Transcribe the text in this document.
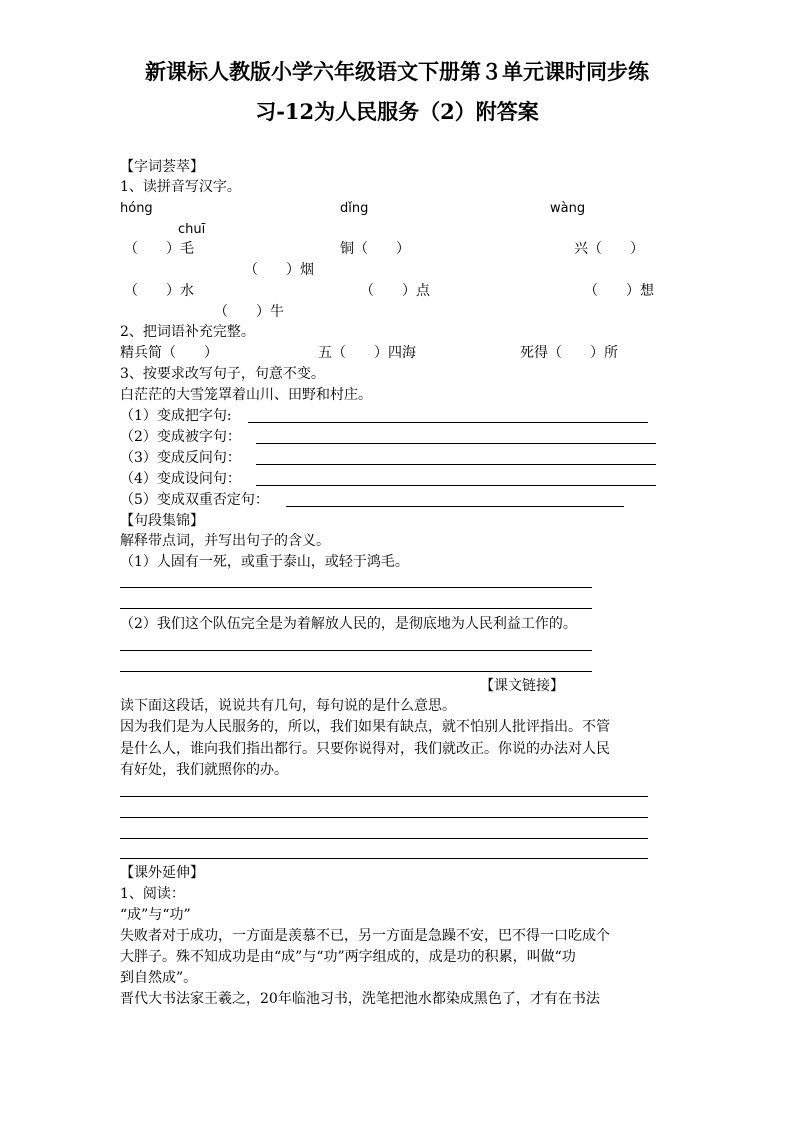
新课标人教版小学六年级语文下册第３单元课时同步练
习-12为人民服务（2）附答案
【字词荟萃】
1、读拼音写汉字。
hóng	dǐng	wàng
chuī
（　　）毛	铜（　　）	兴（　　）
（　　）烟
（　　）水	（　　）点	（　　）想
（　　）牛
2、把词语补充完整。
精兵简（　　）	五（　　）四海	死得（　　）所
3、按要求改写句子，句意不变。
白茫茫的大雪笼罩着山川、田野和村庄。
（1）变成把字句:
（2）变成被字句：
（3）变成反问句：
（4）变成设问句：
（5）变成双重否定句：
【句段集锦】
解释带点词，并写出句子的含义。
（1）人固有一死，或重于泰山，或轻于鸿毛。
（2）我们这个队伍完全是为着解放人民的，是彻底地为人民利益工作的。
【课文链接】
读下面这段话，说说共有几句，每句说的是什么意思。
因为我们是为人民服务的，所以，我们如果有缺点，就不怕别人批评指出。不管
是什么人，谁向我们指出都行。只要你说得对，我们就改正。你说的办法对人民
有好处，我们就照你的办。
【课外延伸】
1、阅读：
“成”与“功”
失败者对于成功，一方面是羡慕不已，另一方面是急躁不安，巴不得一口吃成个
大胖子。殊不知成功是由“成”与“功”两字组成的，成是功的积累，叫做“功
到自然成”。
晋代大书法家王羲之，20年临池习书，洗笔把池水都染成黑色了，才有在书法
